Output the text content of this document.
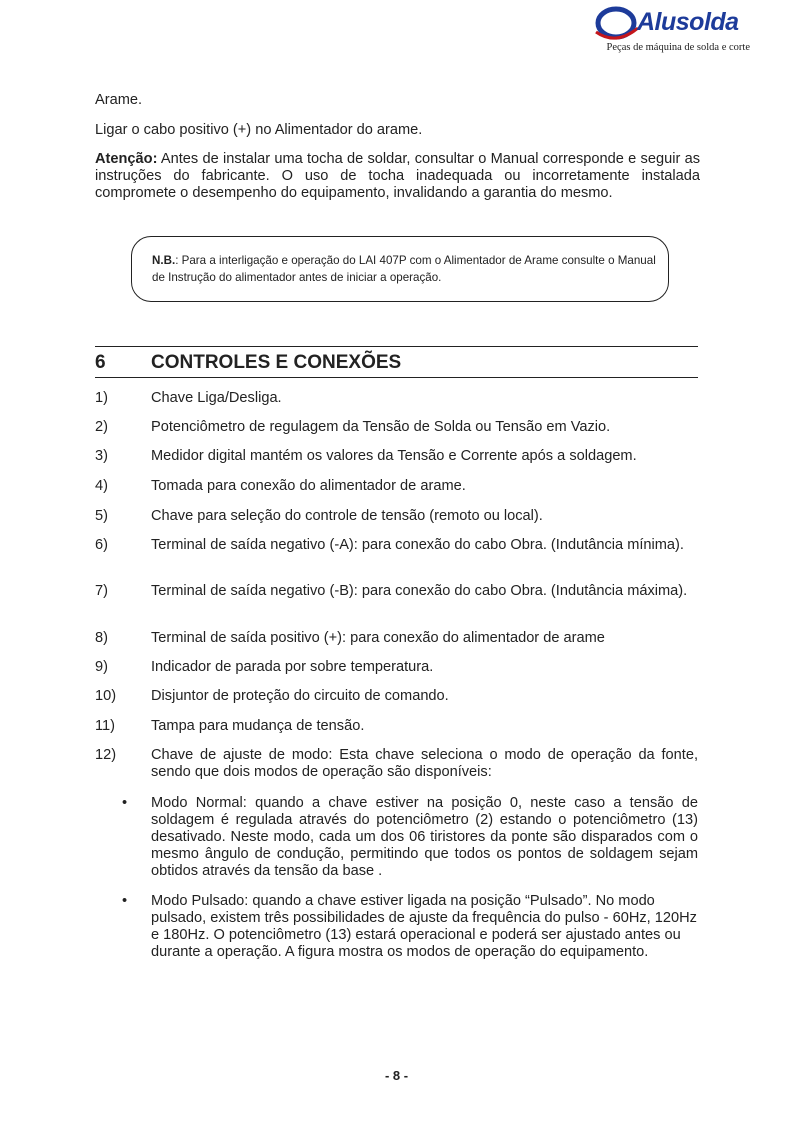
Alusolda
Peças de máquina de solda e corte
Arame.
Ligar o cabo positivo (+) no Alimentador do arame.
Atenção: Antes de instalar uma tocha de soldar, consultar o Manual corresponde e seguir as instruções do fabricante. O uso de tocha inadequada ou incorretamente instalada compromete o desempenho do equipamento, invalidando a garantia do mesmo.
N.B.: Para a interligação e operação do LAI 407P com o Alimentador de Arame consulte o Manual de Instrução do alimentador antes de iniciar a operação.
6 CONTROLES E CONEXÕES
1)	Chave Liga/Desliga.
2)	Potenciômetro de regulagem da Tensão de Solda ou Tensão em Vazio.
3)	Medidor digital mantém os valores da Tensão e Corrente após a soldagem.
4)	Tomada para conexão do alimentador de arame.
5)	Chave para seleção do controle de tensão (remoto ou local).
6)	Terminal de saída negativo (-A): para conexão do cabo Obra. (Indutância mínima).
7)	Terminal de saída negativo (-B): para conexão do cabo Obra. (Indutância máxima).
8)	Terminal de saída positivo (+): para conexão do alimentador de arame
9)	Indicador de parada por sobre temperatura.
10) Disjuntor de proteção do circuito de comando.
11) Tampa para mudança de tensão.
12) Chave de ajuste de modo: Esta chave seleciona o modo de operação da fonte, sendo que dois modos de operação são disponíveis:
• Modo Normal: quando a chave estiver na posição 0, neste caso a tensão de soldagem é regulada através do potenciômetro (2) estando o potenciômetro (13) desativado. Neste modo, cada um dos 06 tiristores da ponte são disparados com o mesmo ângulo de condução, permitindo que todos os pontos de soldagem sejam obtidos através da tensão da base .
• Modo Pulsado: quando a chave estiver ligada na posição “Pulsado”. No modo pulsado, existem três possibilidades de ajuste da frequência do pulso - 60Hz, 120Hz e 180Hz. O potenciômetro (13) estará operacional e poderá ser ajustado antes ou durante a operação. A figura mostra os modos de operação do equipamento.
- 8 -
